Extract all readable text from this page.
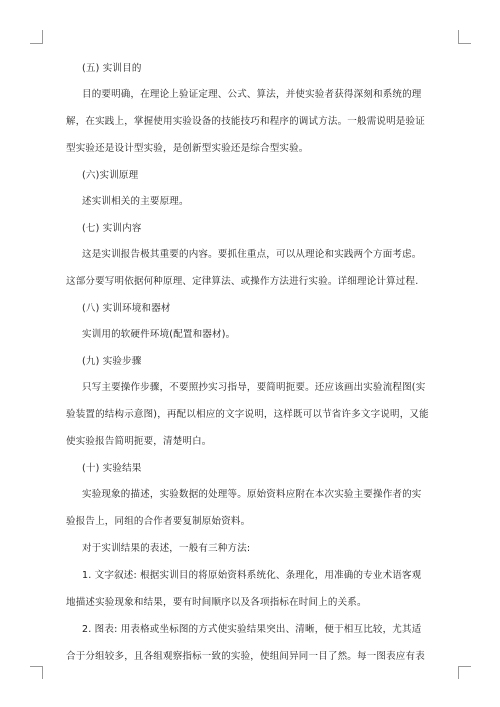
(五) 实训目的
目的要明确，在理论上验证定理、公式、算法，并使实验者获得深刻和系统的理
解，在实践上，掌握使用实验设备的技能技巧和程序的调试方法。一般需说明是验证
型实验还是设计型实验，是创新型实验还是综合型实验。
(六)实训原理
述实训相关的主要原理。
(七) 实训内容
这是实训报告极其重要的内容。要抓住重点，可以从理论和实践两个方面考虑。
这部分要写明依据何种原理、定律算法、或操作方法进行实验。详细理论计算过程.
(八) 实训环境和器材
实训用的软硬件环境(配置和器材)。
(九) 实验步骤
只写主要操作步骤，不要照抄实习指导，要简明扼要。还应该画出实验流程图(实
验装置的结构示意图)，再配以相应的文字说明，这样既可以节省许多文字说明，又能
使实验报告简明扼要，清楚明白。
(十) 实验结果
实验现象的描述，实验数据的处理等。原始资料应附在本次实验主要操作者的实
验报告上，同组的合作者要复制原始资料。
对于实训结果的表述，一般有三种方法:
1. 文字叙述: 根据实训目的将原始资料系统化、条理化，用准确的专业术语客观
地描述实验现象和结果，要有时间顺序以及各项指标在时间上的关系。
2. 图表: 用表格或坐标图的方式使实验结果突出、清晰，便于相互比较，尤其适
合于分组较多，且各组观察指标一致的实验，使组间异同一目了然。每一图表应有表
